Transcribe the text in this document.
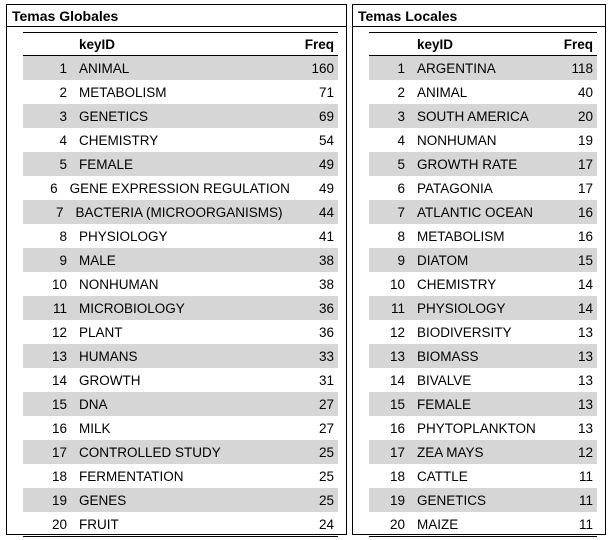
Temas Globales
keyID	Freq
1 ANIMAL	160
2 METABOLISM	71
3 GENETICS	69
4 CHEMISTRY	54
5 FEMALE	49
6 GENE EXPRESSION REGULATION	49
7 BACTERIA (MICROORGANISMS)	44
8 PHYSIOLOGY	41
9 MALE	38
10 NONHUMAN	38
11 MICROBIOLOGY	36
12 PLANT	36
13 HUMANS	33
14 GROWTH	31
15 DNA	27
16 MILK	27
17 CONTROLLED STUDY	25
18 FERMENTATION	25
19 GENES	25
20 FRUIT	24
Temas Locales
keyID	Freq
1 ARGENTINA	118
2 ANIMAL	40
3 SOUTH AMERICA	20
4 NONHUMAN	19
5 GROWTH RATE	17
6 PATAGONIA	17
7 ATLANTIC OCEAN	16
8 METABOLISM	16
9 DIATOM	15
10 CHEMISTRY	14
11 PHYSIOLOGY	14
12 BIODIVERSITY	13
13 BIOMASS	13
14 BIVALVE	13
15 FEMALE	13
16 PHYTOPLANKTON	13
17 ZEA MAYS	12
18 CATTLE	11
19 GENETICS	11
20 MAIZE	11
